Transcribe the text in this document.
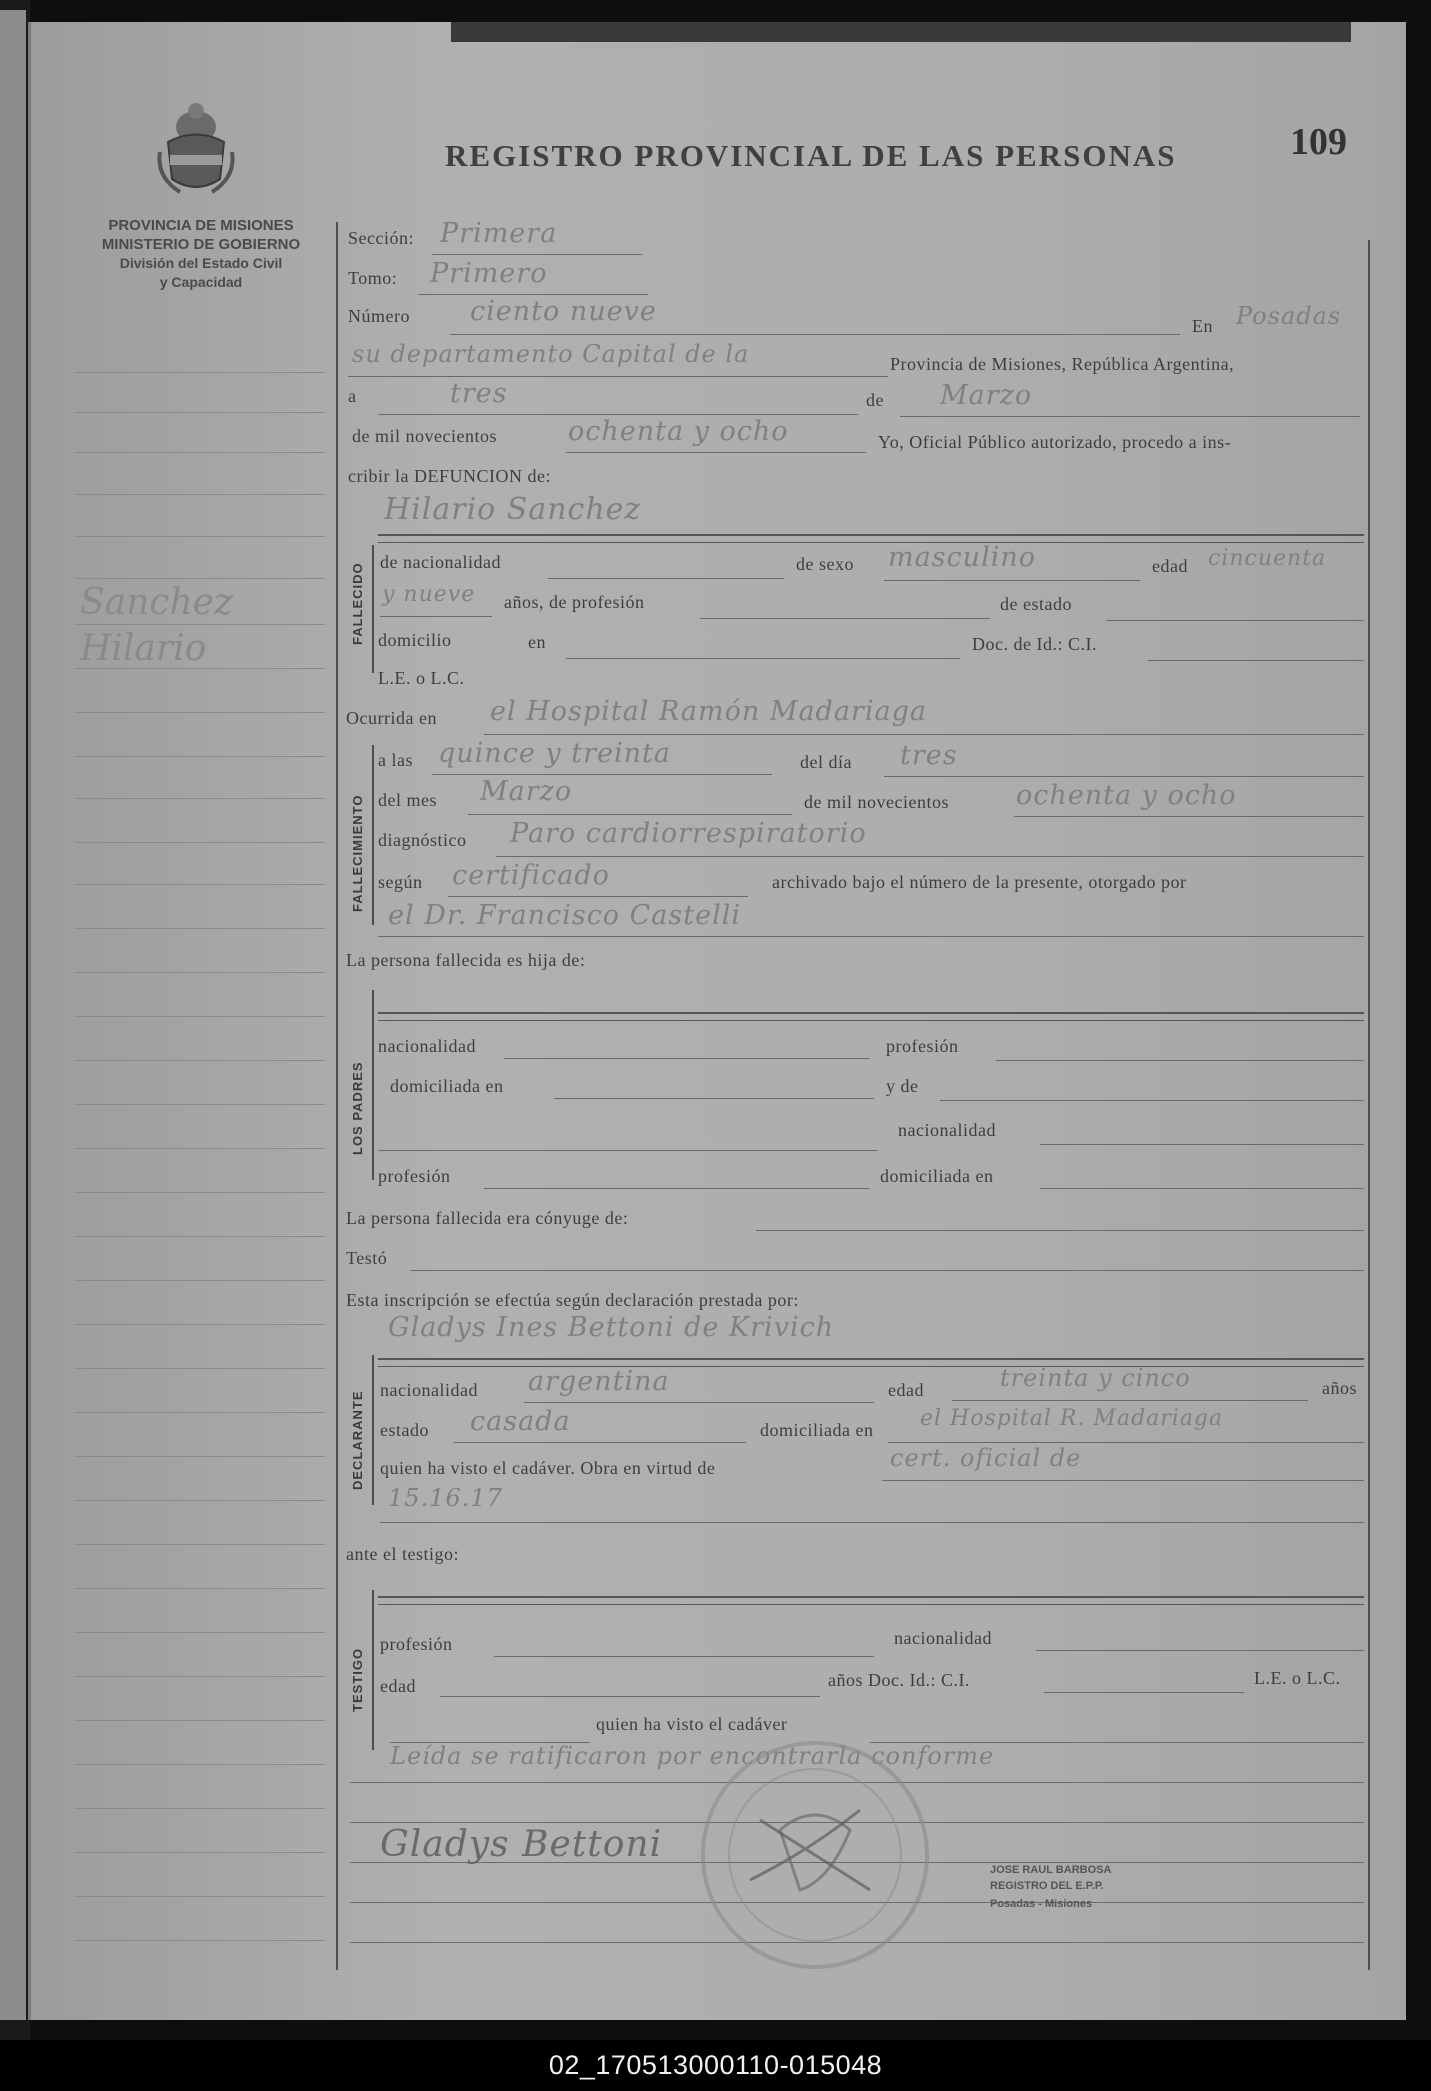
PROVINCIA DE MISIONES
MINISTERIO DE GOBIERNO
División del Estado Civil
y Capacidad
REGISTRO PROVINCIAL DE LAS PERSONAS	109
Sanchez
Hilario
FALLECIDO
FALLECIMIENTO
LOS PADRES
DECLARANTE
TESTIGO
Sección: Primera
Tomo: Primero
Número ciento nueve	En Posadas
su departamento Capital de la	Provincia de Misiones, República Argentina,
a	tres	de Marzo
de mil novecientos	ochenta y ocho	Yo, Oficial Público autorizado, procedo a ins-
cribir la DEFUNCION de:
Hilario Sanchez
de nacionalidad	de sexo masculino	edad cincuenta
y nueve años, de profesión	de estado
domicilio	en	Doc. de Id.: C.I.
L.E. o L.C.
Ocurrida en el Hospital Ramón Madariaga
a las quince y treinta	del día tres
del mes Marzo	de mil novecientos ochenta y ocho
diagnóstico Paro cardiorrespiratorio
según certificado	archivado bajo el número de la presente, otorgado por
el Dr. Francisco Castelli
La persona fallecida es hija de:
nacionalidad	profesión
domiciliada en	y de
nacionalidad
profesión	domiciliada en
La persona fallecida era cónyuge de:
Testó
Esta inscripción se efectúa según declaración prestada por:
Gladys Ines Bettoni de Krivich
nacionalidad argentina	edad	treinta y cinco	años
estado casada	domiciliada en el Hospital R. Madariaga
quien ha visto el cadáver. Obra en virtud de	cert. oficial de
15.16.17
ante el testigo:
profesión	nacionalidad
edad	años Doc. Id.: C.I.	L.E. o L.C.
quien ha visto el cadáver
Leída se ratificaron por encontrarla conforme
Gladys Bettoni
JOSE RAUL BARBOSA
REGISTRO DEL E.P.P.
Posadas - Misiones
02_170513000110-015048
